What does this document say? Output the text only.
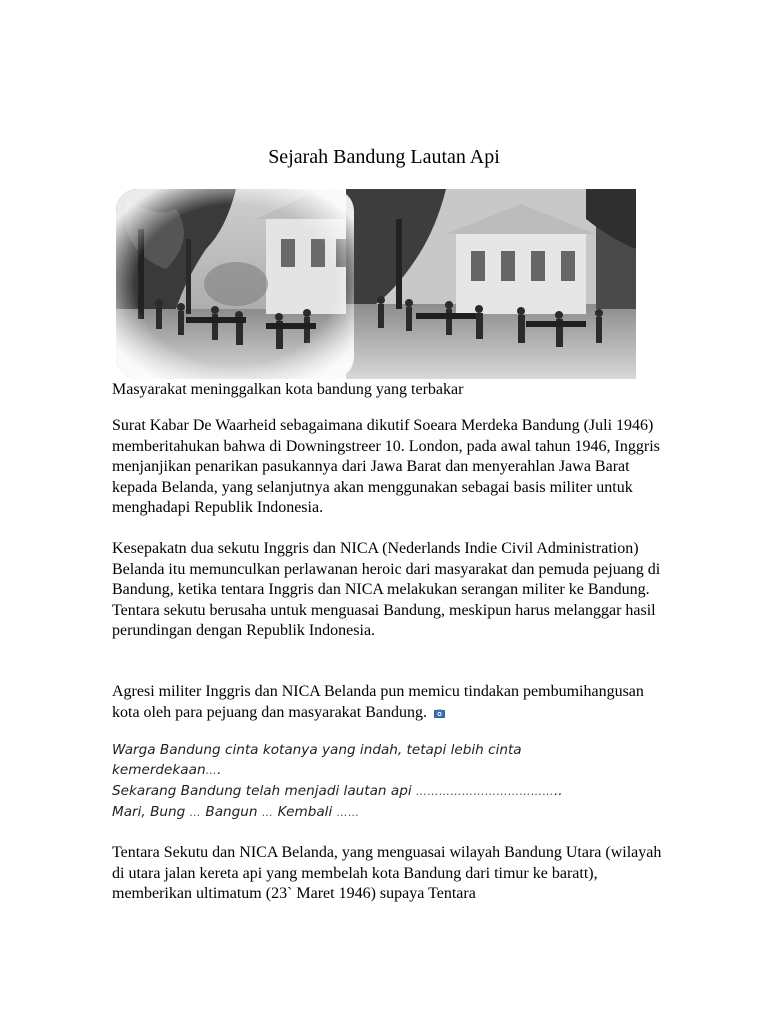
Sejarah Bandung Lautan Api
Masyarakat meninggalkan kota bandung yang terbakar

Surat Kabar De Waarheid sebagaimana dikutif Soeara Merdeka Bandung (Juli 1946) memberitahukan bahwa di Downingstreer 10. London, pada awal tahun 1946, Inggris menjanjikan penarikan pasukannya dari Jawa Barat dan menyerahlan Jawa Barat kepada Belanda, yang selanjutnya akan menggunakan sebagai basis militer untuk menghadapi Republik Indonesia.

Kesepakatn dua sekutu Inggris dan NICA (Nederlands Indie Civil Administration) Belanda itu memunculkan perlawanan heroic dari masyarakat dan pemuda pejuang di Bandung, ketika tentara Inggris dan NICA melakukan serangan militer ke Bandung. Tentara sekutu berusaha untuk menguasai Bandung, meskipun harus melanggar hasil perundingan dengan Republik Indonesia.

Agresi militer Inggris dan NICA Belanda pun memicu tindakan pembumihangusan kota oleh para pejuang dan masyarakat Bandung.

Warga Bandung cinta kotanya yang indah, tetapi lebih cinta
kemerdekaan….
Sekarang Bandung telah menjadi lautan api ………………………………..
Mari, Bung … Bangun … Kembali ……

Tentara Sekutu dan NICA Belanda, yang menguasai wilayah Bandung Utara (wilayah di utara jalan kereta api yang membelah kota Bandung dari timur ke baratt), memberikan ultimatum (23` Maret 1946) supaya Tentara
